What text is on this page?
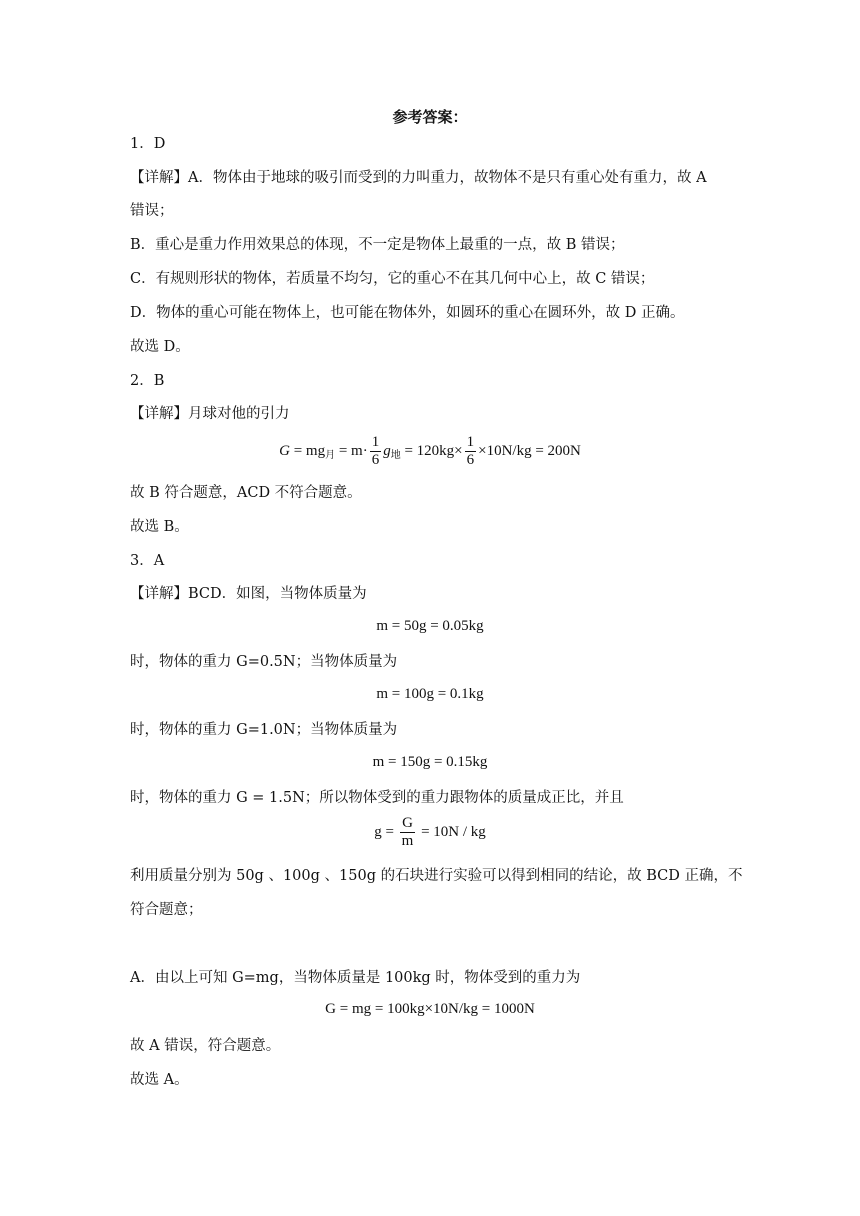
参考答案：
1．D
【详解】A．物体由于地球的吸引而受到的力叫重力，故物体不是只有重心处有重力，故 A
错误；
B．重心是重力作用效果总的体现，不一定是物体上最重的一点，故 B 错误；
C．有规则形状的物体，若质量不均匀，它的重心不在其几何中心上，故 C 错误；
D．物体的重心可能在物体上，也可能在物体外，如圆环的重心在圆环外，故 D 正确。
故选 D。
2．B
【详解】月球对他的引力
$G = mg_月 = m\cdot \frac{1}{6} g_地 = 120kg\times \frac{1}{6} \times 10N/kg = 200N$
故 B 符合题意，ACD 不符合题意。
故选 B。
3．A
【详解】BCD．如图，当物体质量为
m = 50g = 0.05kg
时，物体的重力 G=0.5N；当物体质量为
m = 100g = 0.1kg
时，物体的重力 G=1.0N；当物体质量为
m = 150g = 0.15kg
时，物体的重力 G = 1.5N；所以物体受到的重力跟物体的质量成正比，并且
$g = \frac{G}{m} = 10N$ / kg
利用质量分别为 50g 、100g 、150g 的石块进行实验可以得到相同的结论，故 BCD 正确，不
符合题意；
A．由以上可知 G=mg，当物体质量是 100kg 时，物体受到的重力为
G = mg = 100kg×10N/kg = 1000N
故 A 错误，符合题意。
故选 A。
